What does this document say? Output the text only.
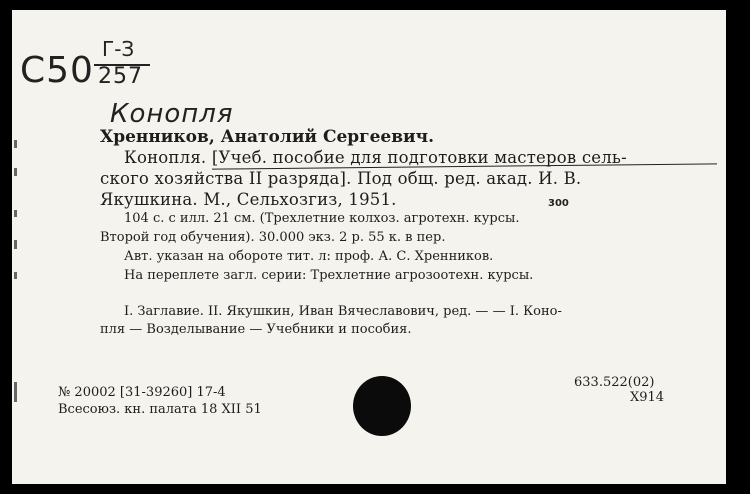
С50
Г-З
257
Конопля
300
Хренников, Анатолий Сергеевич.
Конопля. [Учеб. пособие для подготовки мастеров сель-
ского хозяйства II разряда]. Под общ. ред. акад. И. В.
Якушкина. М., Сельхозгиз, 1951.
104 с. с илл. 21 см. (Трехлетние колхоз. агротехн. курсы.
Второй год обучения). 30.000 экз. 2 р. 55 к. в пер.
Авт. указан на обороте тит. л: проф. А. С. Хренников.
На переплете загл. серии: Трехлетние агрозоотехн. курсы.
I. Заглавие. II. Якушкин, Иван Вячеславович, ред. — — I. Коно-
пля — Возделывание — Учебники и пособия.
№ 20002 [31-39260] 17-4
Всесоюз. кн. палата 18 XII 51
633.522(02)
Х914
